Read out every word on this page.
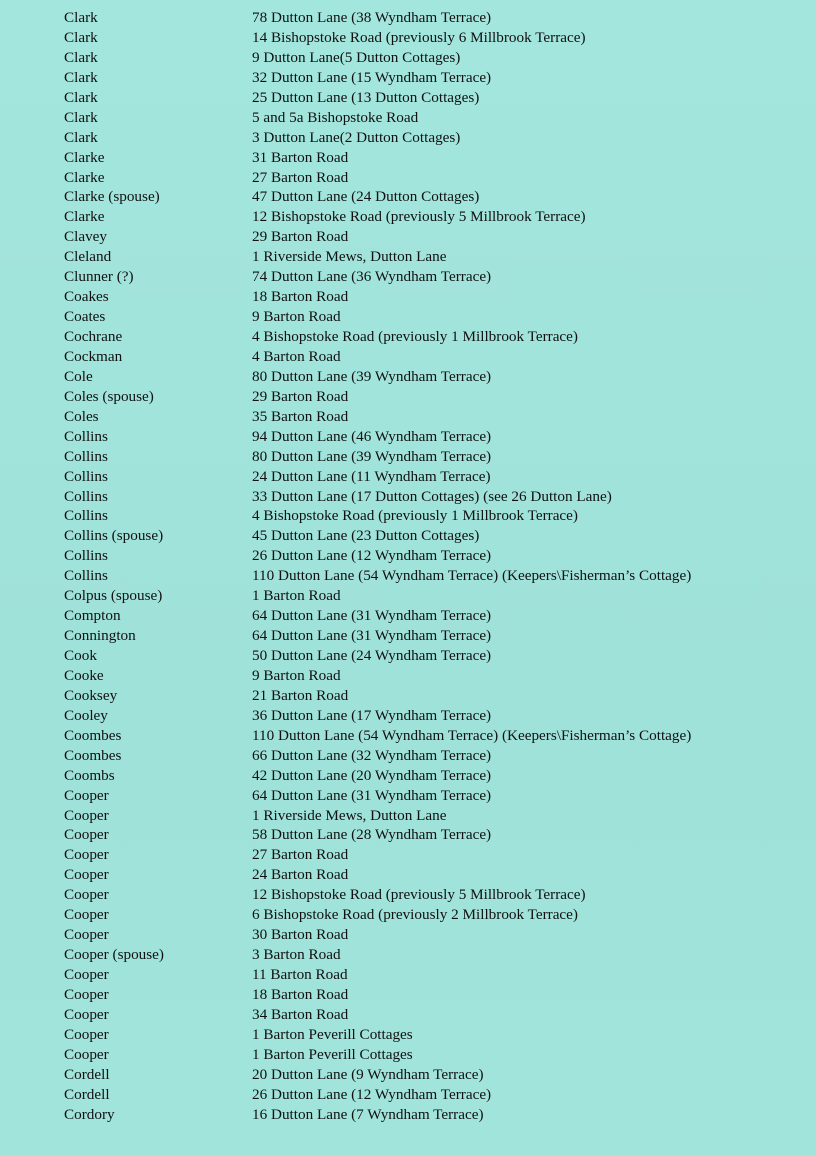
Clark	78 Dutton Lane (38 Wyndham Terrace)
Clark	14 Bishopstoke Road (previously 6 Millbrook Terrace)
Clark	9 Dutton Lane(5 Dutton Cottages)
Clark	32 Dutton Lane (15 Wyndham Terrace)
Clark	25 Dutton Lane (13 Dutton Cottages)
Clark	5 and 5a Bishopstoke Road
Clark	3 Dutton Lane(2 Dutton Cottages)
Clarke	31 Barton Road
Clarke	27 Barton Road
Clarke (spouse)	47 Dutton Lane (24 Dutton Cottages)
Clarke	12 Bishopstoke Road (previously 5 Millbrook Terrace)
Clavey	29 Barton Road
Cleland	1 Riverside Mews, Dutton Lane
Clunner (?)	74 Dutton Lane (36 Wyndham Terrace)
Coakes	18 Barton Road
Coates	9 Barton Road
Cochrane	4 Bishopstoke Road (previously 1 Millbrook Terrace)
Cockman	4 Barton Road
Cole	80 Dutton Lane (39 Wyndham Terrace)
Coles (spouse)	29 Barton Road
Coles	35 Barton Road
Collins	94 Dutton Lane (46 Wyndham Terrace)
Collins	80 Dutton Lane (39 Wyndham Terrace)
Collins	24 Dutton Lane (11 Wyndham Terrace)
Collins	33 Dutton Lane (17 Dutton Cottages) (see 26 Dutton Lane)
Collins	4 Bishopstoke Road (previously 1 Millbrook Terrace)
Collins (spouse)	45 Dutton Lane (23 Dutton Cottages)
Collins	26 Dutton Lane (12 Wyndham Terrace)
Collins	110 Dutton Lane (54 Wyndham Terrace) (Keepers\Fisherman’s Cottage)
Colpus (spouse)	1 Barton Road
Compton	64 Dutton Lane (31 Wyndham Terrace)
Connington	64 Dutton Lane (31 Wyndham Terrace)
Cook	50 Dutton Lane (24 Wyndham Terrace)
Cooke	9 Barton Road
Cooksey	21 Barton Road
Cooley	36 Dutton Lane (17 Wyndham Terrace)
Coombes	110 Dutton Lane (54 Wyndham Terrace) (Keepers\Fisherman’s Cottage)
Coombes	66 Dutton Lane (32 Wyndham Terrace)
Coombs	42 Dutton Lane (20 Wyndham Terrace)
Cooper	64 Dutton Lane (31 Wyndham Terrace)
Cooper	1 Riverside Mews, Dutton Lane
Cooper	58 Dutton Lane (28 Wyndham Terrace)
Cooper	27 Barton Road
Cooper	24 Barton Road
Cooper	12 Bishopstoke Road (previously 5 Millbrook Terrace)
Cooper	6 Bishopstoke Road (previously 2 Millbrook Terrace)
Cooper	30 Barton Road
Cooper (spouse)	3 Barton Road
Cooper	11 Barton Road
Cooper	18 Barton Road
Cooper	34 Barton Road
Cooper	1 Barton Peverill Cottages
Cooper	1 Barton Peverill Cottages
Cordell	20 Dutton Lane (9 Wyndham Terrace)
Cordell	26 Dutton Lane (12 Wyndham Terrace)
Cordory	16 Dutton Lane (7 Wyndham Terrace)
